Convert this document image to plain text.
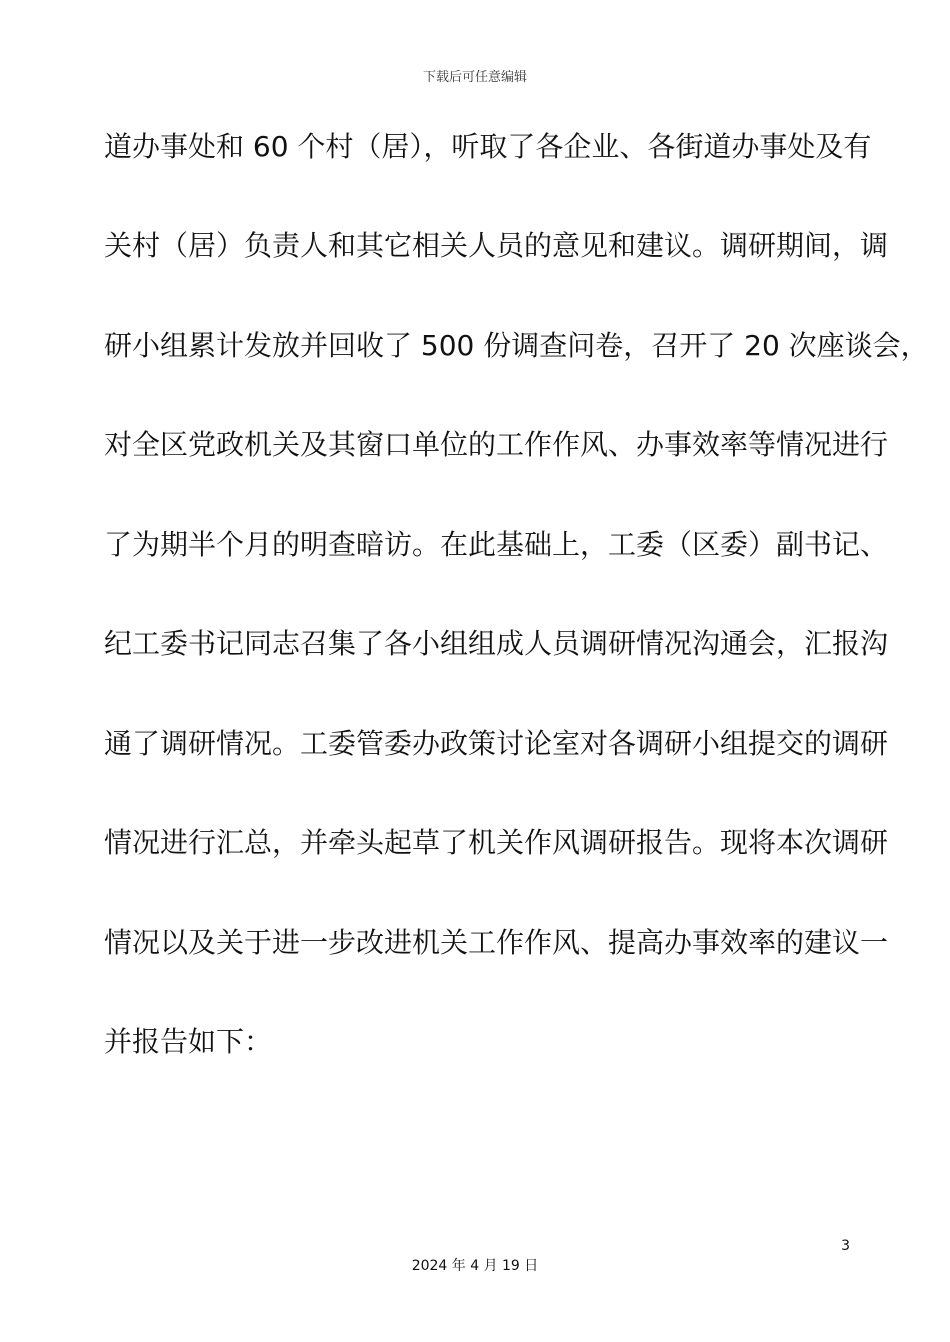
下载后可任意编辑
道办事处和 60 个村（居），听取了各企业、各街道办事处及有
关村（居）负责人和其它相关人员的意见和建议。调研期间，调
研小组累计发放并回收了 500 份调查问卷，召开了 20 次座谈会，
对全区党政机关及其窗口单位的工作作风、办事效率等情况进行
了为期半个月的明查暗访。在此基础上，工委（区委）副书记、
纪工委书记同志召集了各小组组成人员调研情况沟通会，汇报沟
通了调研情况。工委管委办政策讨论室对各调研小组提交的调研
情况进行汇总，并牵头起草了机关作风调研报告。现将本次调研
情况以及关于进一步改进机关工作作风、提高办事效率的建议一
并报告如下：
3
2024 年 4 月 19 日
